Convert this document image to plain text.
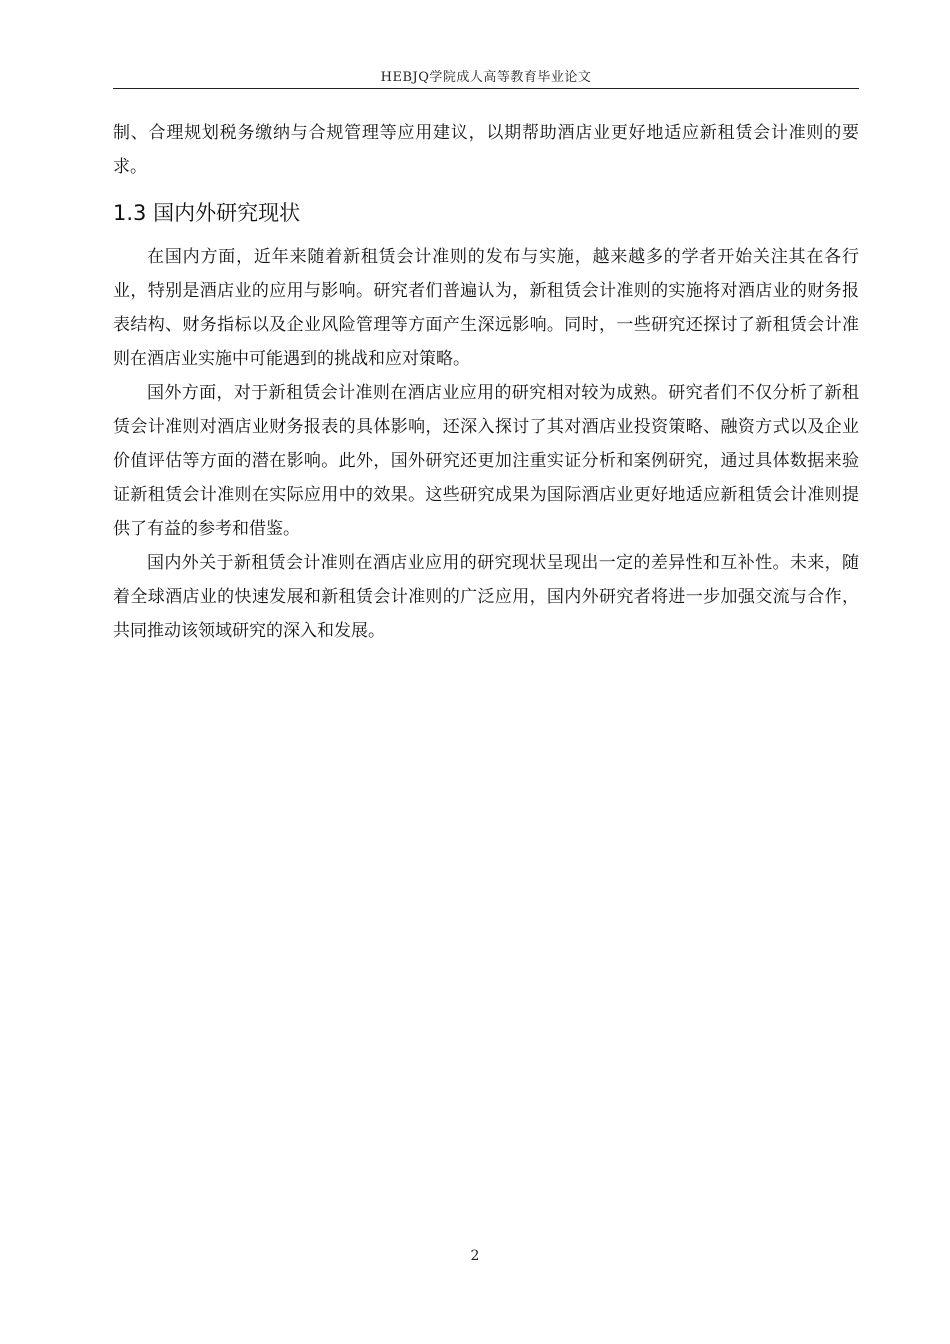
HEBJQ学院成人高等教育毕业论文

制、合理规划税务缴纳与合规管理等应用建议，以期帮助酒店业更好地适应新租赁会计准则的要求。

1.3 国内外研究现状

在国内方面，近年来随着新租赁会计准则的发布与实施，越来越多的学者开始关注其在各行业，特别是酒店业的应用与影响。研究者们普遍认为，新租赁会计准则的实施将对酒店业的财务报表结构、财务指标以及企业风险管理等方面产生深远影响。同时，一些研究还探讨了新租赁会计准则在酒店业实施中可能遇到的挑战和应对策略。

国外方面，对于新租赁会计准则在酒店业应用的研究相对较为成熟。研究者们不仅分析了新租赁会计准则对酒店业财务报表的具体影响，还深入探讨了其对酒店业投资策略、融资方式以及企业价值评估等方面的潜在影响。此外，国外研究还更加注重实证分析和案例研究，通过具体数据来验证新租赁会计准则在实际应用中的效果。这些研究成果为国际酒店业更好地适应新租赁会计准则提供了有益的参考和借鉴。

国内外关于新租赁会计准则在酒店业应用的研究现状呈现出一定的差异性和互补性。未来，随着全球酒店业的快速发展和新租赁会计准则的广泛应用，国内外研究者将进一步加强交流与合作，共同推动该领域研究的深入和发展。

2
